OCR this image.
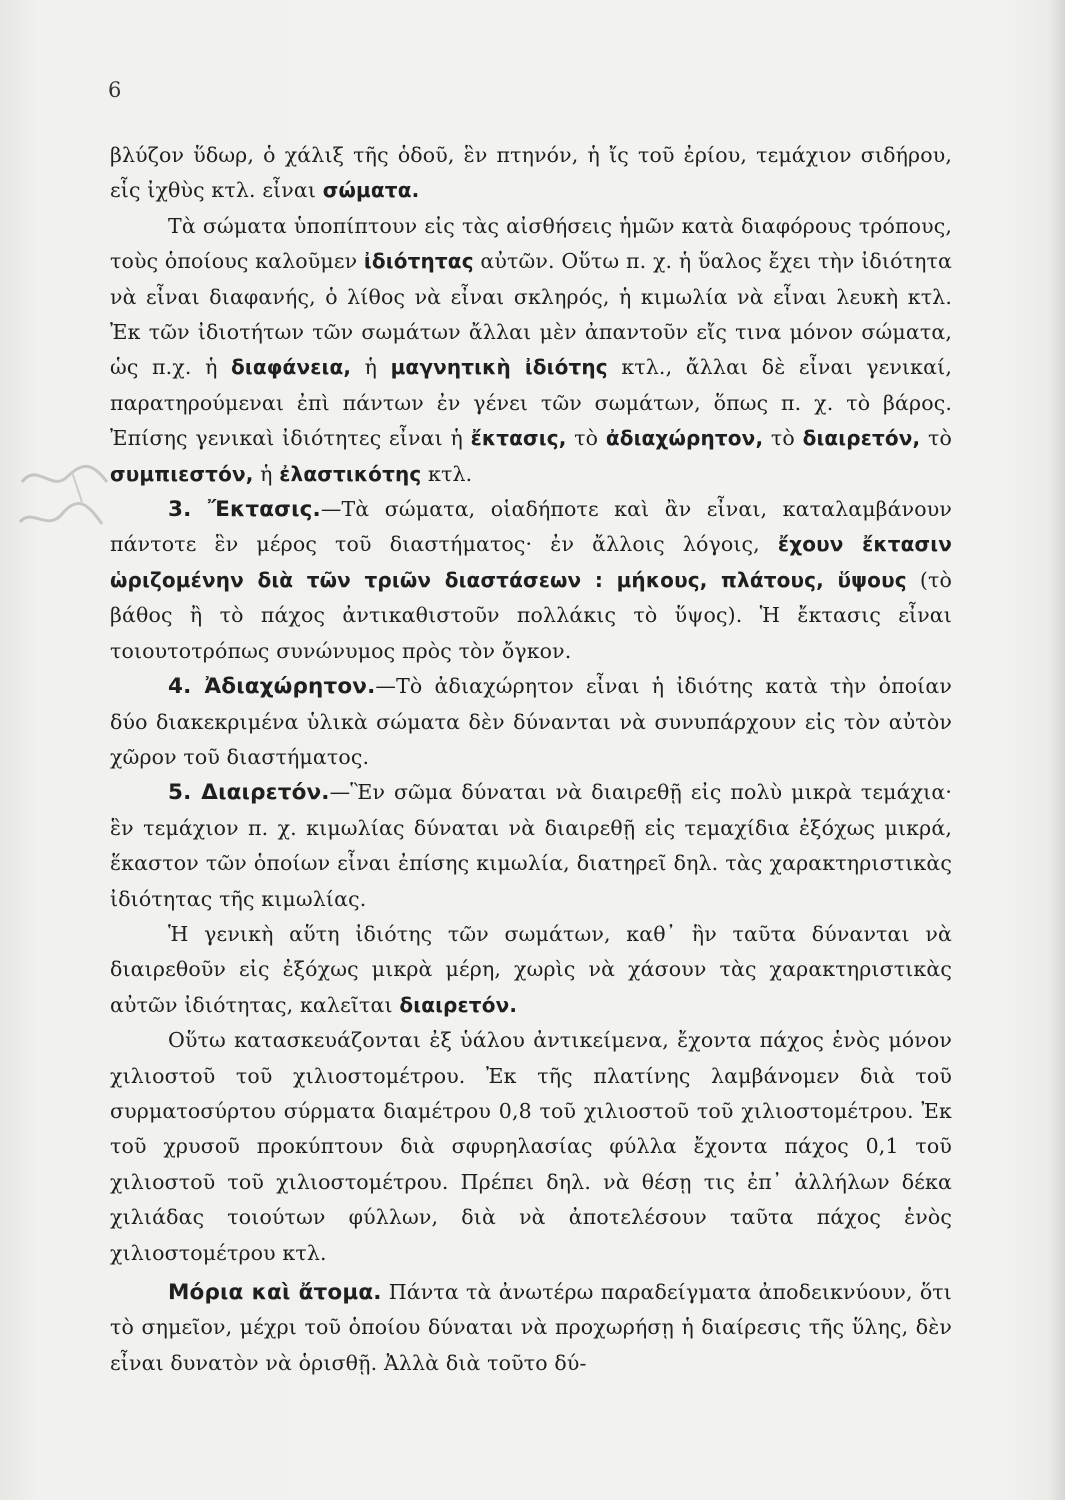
6

βλύζον ὕδωρ, ὁ χάλιξ τῆς ὁδοῦ, ἓν πτηνόν, ἡ ἴς τοῦ ἐρίου, τεμάχιον σιδήρου, εἷς ἰχθὺς κτλ. εἶναι σώματα.

Τὰ σώματα ὑποπίπτουν εἰς τὰς αἰσθήσεις ἡμῶν κατὰ διαφόρους τρόπους, τοὺς ὁποίους καλοῦμεν ἰδιότητας αὐτῶν. Οὕτω π. χ. ἡ ὕαλος ἔχει τὴν ἰδιότητα νὰ εἶναι διαφανής, ὁ λίθος νὰ εἶναι σκληρός, ἡ κιμωλία νὰ εἶναι λευκὴ κτλ. Ἐκ τῶν ἰδιοτήτων τῶν σωμάτων ἄλλαι μὲν ἀπαντοῦν εἴς τινα μόνον σώματα, ὡς π.χ. ἡ διαφάνεια, ἡ μαγνητικὴ ἰδιότης κτλ., ἄλλαι δὲ εἶναι γενικαί, παρατηρούμεναι ἐπὶ πάντων ἐν γένει τῶν σωμάτων, ὅπως π. χ. τὸ βάρος. Ἐπίσης γενικαὶ ἰδιότητες εἶναι ἡ ἔκτασις, τὸ ἀδιαχώρητον, τὸ διαιρετόν, τὸ συμπιεστόν, ἡ ἐλαστικότης κτλ.

3. Ἔκτασις.—Τὰ σώματα, οἱαδήποτε καὶ ἂν εἶναι, καταλαμβάνουν πάντοτε ἓν μέρος τοῦ διαστήματος· ἐν ἄλλοις λόγοις, ἔχουν ἔκτασιν ὡριζομένην διὰ τῶν τριῶν διαστάσεων : μήκους, πλάτους, ὕψους (τὸ βάθος ἢ τὸ πάχος ἀντικαθιστοῦν πολλάκις τὸ ὕψος). Ἡ ἔκτασις εἶναι τοιουτοτρόπως συνώνυμος πρὸς τὸν ὄγκον.

4. Ἀδιαχώρητον.—Τὸ ἀδιαχώρητον εἶναι ἡ ἰδιότης κατὰ τὴν ὁποίαν δύο διακεκριμένα ὑλικὰ σώματα δὲν δύνανται νὰ συνυπάρχουν εἰς τὸν αὐτὸν χῶρον τοῦ διαστήματος.

5. Διαιρετόν.—Ἓν σῶμα δύναται νὰ διαιρεθῇ εἰς πολὺ μικρὰ τεμάχια· ἓν τεμάχιον π. χ. κιμωλίας δύναται νὰ διαιρεθῇ εἰς τεμαχίδια ἐξόχως μικρά, ἕκαστον τῶν ὁποίων εἶναι ἐπίσης κιμωλία, διατηρεῖ δηλ. τὰς χαρακτηριστικὰς ἰδιότητας τῆς κιμωλίας.

Ἡ γενικὴ αὕτη ἰδιότης τῶν σωμάτων, καθ᾽ ἣν ταῦτα δύνανται νὰ διαιρεθοῦν εἰς ἐξόχως μικρὰ μέρη, χωρὶς νὰ χάσουν τὰς χαρακτηριστικὰς αὐτῶν ἰδιότητας, καλεῖται διαιρετόν.

Οὕτω κατασκευάζονται ἐξ ὑάλου ἀντικείμενα, ἔχοντα πάχος ἑνὸς μόνον χιλιοστοῦ τοῦ χιλιοστομέτρου. Ἐκ τῆς πλατίνης λαμβάνομεν διὰ τοῦ συρματοσύρτου σύρματα διαμέτρου 0,8 τοῦ χιλιοστοῦ τοῦ χιλιοστομέτρου. Ἐκ τοῦ χρυσοῦ προκύπτουν διὰ σφυρηλασίας φύλλα ἔχοντα πάχος 0,1 τοῦ χιλιοστοῦ τοῦ χιλιοστομέτρου. Πρέπει δηλ. νὰ θέσῃ τις ἐπ᾽ ἀλλήλων δέκα χιλιάδας τοιούτων φύλλων, διὰ νὰ ἀποτελέσουν ταῦτα πάχος ἑνὸς χιλιοστομέτρου κτλ.

Μόρια καὶ ἄτομα. Πάντα τὰ ἀνωτέρω παραδείγματα ἀποδεικνύουν, ὅτι τὸ σημεῖον, μέχρι τοῦ ὁποίου δύναται νὰ προχωρήσῃ ἡ διαίρεσις τῆς ὕλης, δὲν εἶναι δυνατὸν νὰ ὁρισθῇ. Ἀλλὰ διὰ τοῦτο δύ-
